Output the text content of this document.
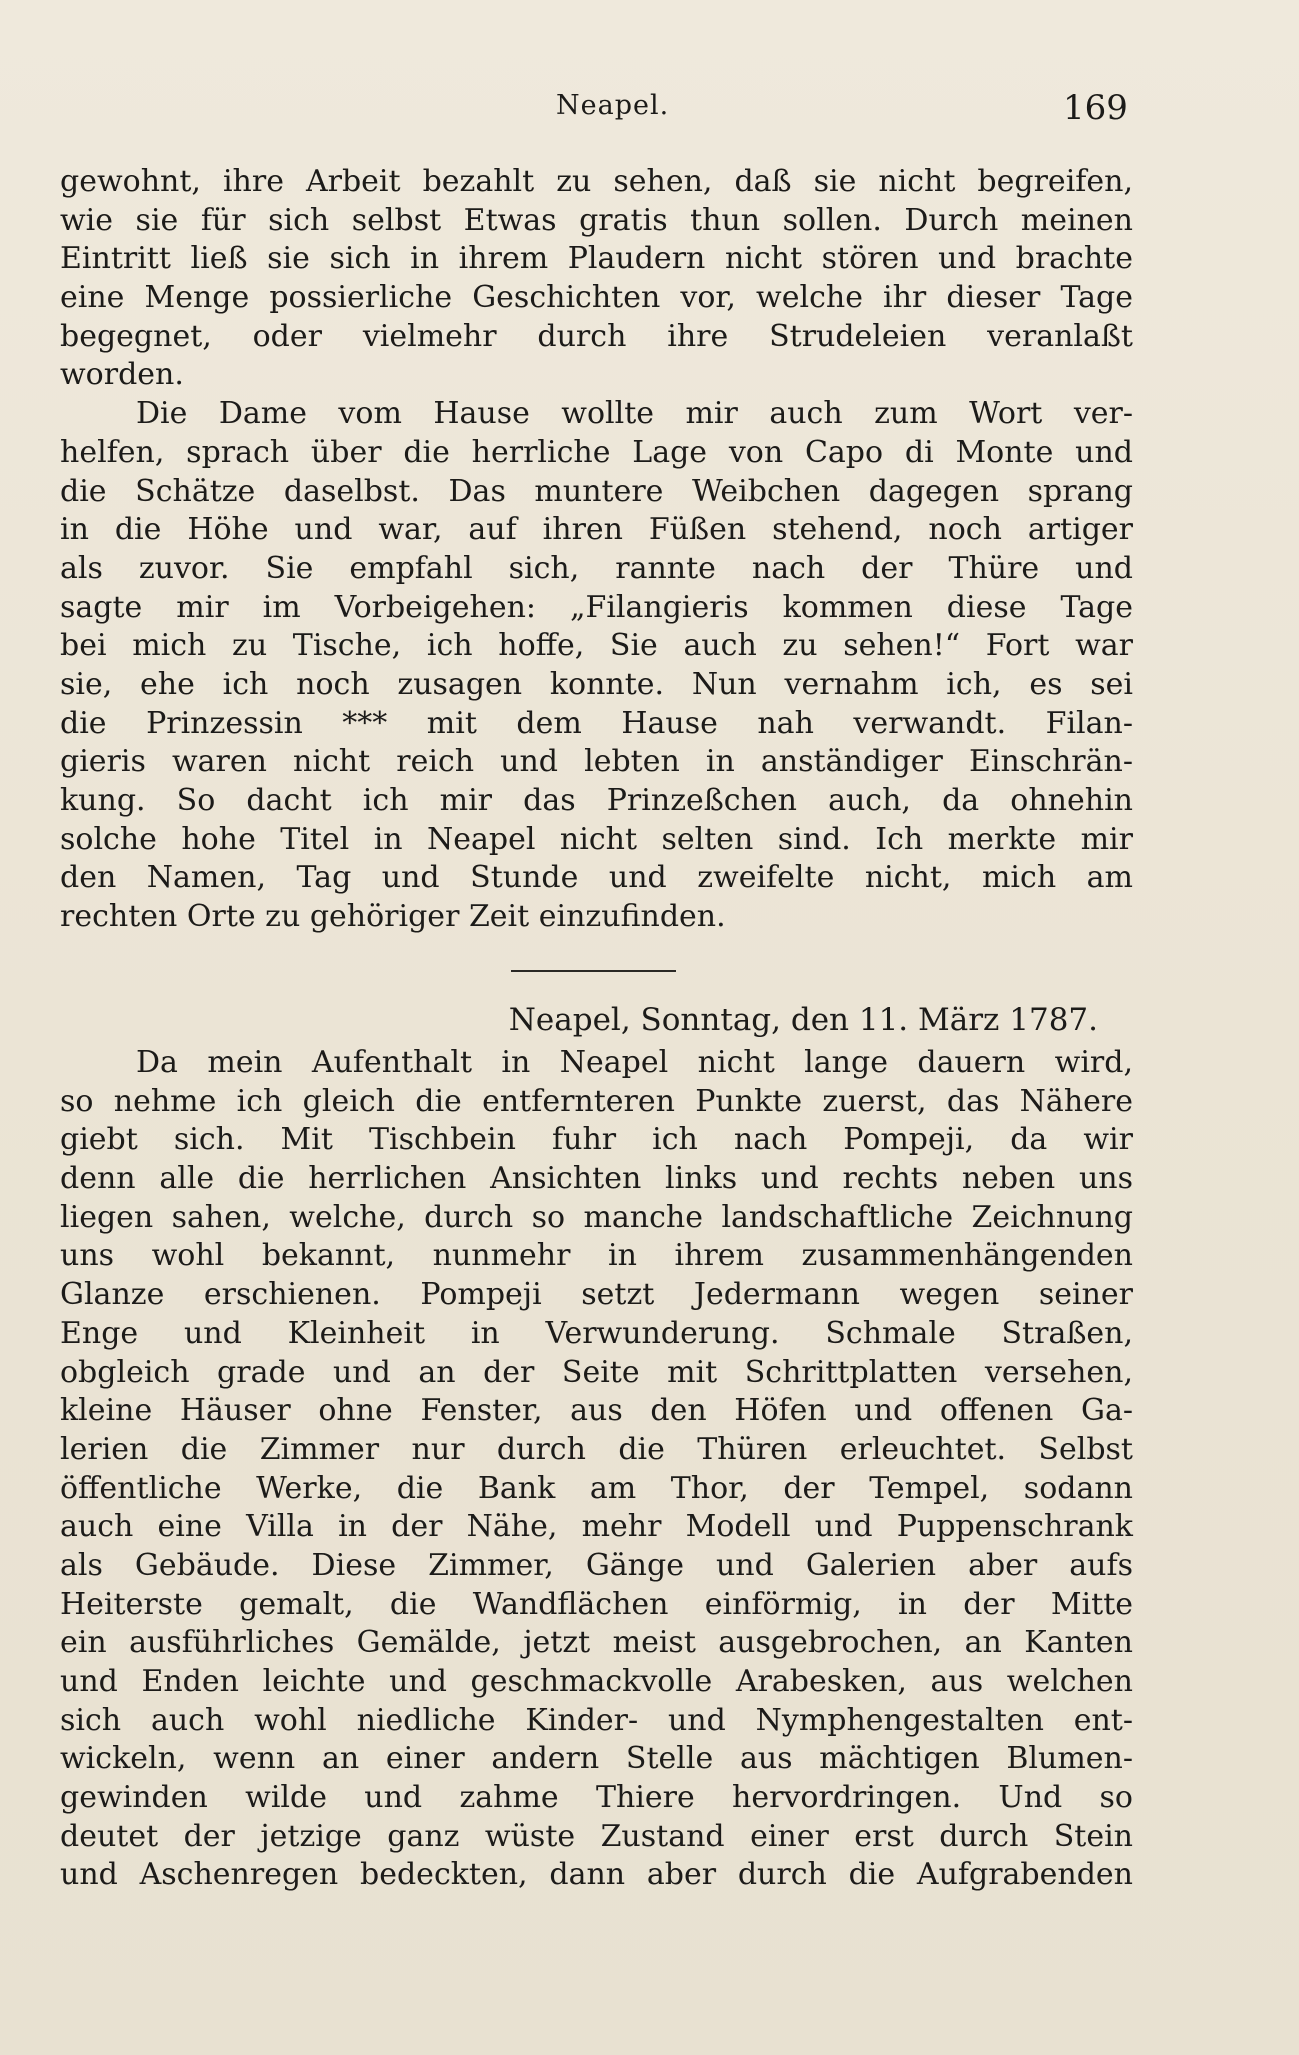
Neapel.	169
gewohnt, ihre Arbeit bezahlt zu sehen, daß sie nicht begreifen,
wie sie für sich selbst Etwas gratis thun sollen. Durch meinen
Eintritt ließ sie sich in ihrem Plaudern nicht stören und brachte
eine Menge possierliche Geschichten vor, welche ihr dieser Tage
begegnet, oder vielmehr durch ihre Strudeleien veranlaßt
worden.
Die Dame vom Hause wollte mir auch zum Wort ver-
helfen, sprach über die herrliche Lage von Capo di Monte und
die Schätze daselbst. Das muntere Weibchen dagegen sprang
in die Höhe und war, auf ihren Füßen stehend, noch artiger
als zuvor. Sie empfahl sich, rannte nach der Thüre und
sagte mir im Vorbeigehen: „Filangieris kommen diese Tage
bei mich zu Tische, ich hoffe, Sie auch zu sehen!“ Fort war
sie, ehe ich noch zusagen konnte. Nun vernahm ich, es sei
die Prinzessin *** mit dem Hause nah verwandt. Filan-
gieris waren nicht reich und lebten in anständiger Einschrän-
kung. So dacht ich mir das Prinzeßchen auch, da ohnehin
solche hohe Titel in Neapel nicht selten sind. Ich merkte mir
den Namen, Tag und Stunde und zweifelte nicht, mich am
rechten Orte zu gehöriger Zeit einzufinden.
Neapel, Sonntag, den 11. März 1787.
Da mein Aufenthalt in Neapel nicht lange dauern wird,
so nehme ich gleich die entfernteren Punkte zuerst, das Nähere
giebt sich. Mit Tischbein fuhr ich nach Pompeji, da wir
denn alle die herrlichen Ansichten links und rechts neben uns
liegen sahen, welche, durch so manche landschaftliche Zeichnung
uns wohl bekannt, nunmehr in ihrem zusammenhängenden
Glanze erschienen. Pompeji setzt Jedermann wegen seiner
Enge und Kleinheit in Verwunderung. Schmale Straßen,
obgleich grade und an der Seite mit Schrittplatten versehen,
kleine Häuser ohne Fenster, aus den Höfen und offenen Ga-
lerien die Zimmer nur durch die Thüren erleuchtet. Selbst
öffentliche Werke, die Bank am Thor, der Tempel, sodann
auch eine Villa in der Nähe, mehr Modell und Puppenschrank
als Gebäude. Diese Zimmer, Gänge und Galerien aber aufs
Heiterste gemalt, die Wandflächen einförmig, in der Mitte
ein ausführliches Gemälde, jetzt meist ausgebrochen, an Kanten
und Enden leichte und geschmackvolle Arabesken, aus welchen
sich auch wohl niedliche Kinder- und Nymphengestalten ent-
wickeln, wenn an einer andern Stelle aus mächtigen Blumen-
gewinden wilde und zahme Thiere hervordringen. Und so
deutet der jetzige ganz wüste Zustand einer erst durch Stein
und Aschenregen bedeckten, dann aber durch die Aufgrabenden
